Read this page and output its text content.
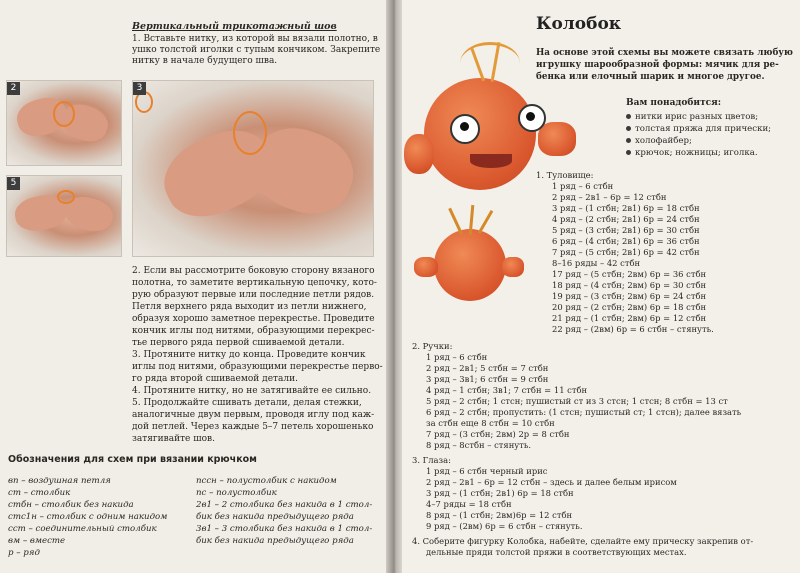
Вертикальный трикотажный шов
1. Вставьте нитку, из которой вы вязали полотно, в
ушко толстой иголки с тупым кончиком. Закрепите
нитку в начале будущего шва.
2
5
3
2. Если вы рассмотрите боковую сторону вязаного
полотна, то заметите вертикальную цепочку, кото-
рую образуют первые или последние петли рядов.
Петля верхнего ряда выходит из петли нижнего,
образуя хорошо заметное перекрестье. Проведите
кончик иглы под нитями, образующими перекрес-
тье первого ряда первой сшиваемой детали.
3. Протяните нитку до конца. Проведите кончик
иглы под нитями, образующими перекрестье перво-
го ряда второй сшиваемой детали.
4. Протяните нитку, но не затягивайте ее сильно.
5. Продолжайте сшивать детали, делая стежки,
аналогичные двум первым, проводя иглу под каж-
дой петлей. Через каждые 5–7 петель хорошенько
затягивайте шов.
Обозначения для схем при вязании крючком
вп – воздушная петля
ст – столбик
стбн – столбик без накида
стс1н – столбик с одним накидом
сст – соединительный столбик
вм – вместе
р – ряд
пссн – полустолбик с накидом
пс – полустолбик
2в1 – 2 столбика без накида в 1 стол-
бик без накида предыдущего ряда
3в1 – 3 столбика без накида в 1 стол-
бик без накида предыдущего ряда
Колобок
На основе этой схемы вы можете связать любую
игрушку шарообразной формы: мячик для ре-
бенка или елочный шарик и многое другое.
Вам понадобится:
нитки ирис разных цветов;
толстая пряжа для прически;
холофайбер;
крючок; ножницы; иголка.
1. Туловище:
1 ряд – 6 стбн
2 ряд – 2в1 – 6р = 12 стбн
3 ряд – (1 стбн; 2в1) 6р = 18 стбн
4 ряд – (2 стбн; 2в1) 6р = 24 стбн
5 ряд – (3 стбн; 2в1) 6р = 30 стбн
6 ряд – (4 стбн; 2в1) 6р = 36 стбн
7 ряд – (5 стбн; 2в1) 6р = 42 стбн
8–16 ряды – 42 стбн
17 ряд – (5 стбн; 2вм) 6р = 36 стбн
18 ряд – (4 стбн; 2вм) 6р = 30 стбн
19 ряд – (3 стбн; 2вм) 6р = 24 стбн
20 ряд – (2 стбн; 2вм) 6р = 18 стбн
21 ряд – (1 стбн; 2вм) 6р = 12 стбн
22 ряд – (2вм) 6р = 6 стбн – стянуть.
2. Ручки:
1 ряд – 6 стбн
2 ряд – 2в1; 5 стбн = 7 стбн
3 ряд – 3в1; 6 стбн = 9 стбн
4 ряд – 1 стбн; 3в1; 7 стбн = 11 стбн
5 ряд – 2 стбн; 1 стсн; пушистый ст из 3 стсн; 1 стсн; 8 стбн = 13 ст
6 ряд – 2 стбн; пропустить: (1 стсн; пушистый ст; 1 стсн); далее вязать
за стбн еще 8 стбн = 10 стбн
7 ряд – (3 стбн; 2вм) 2р = 8 стбн
8 ряд – 8стбн – стянуть.
3. Глаза:
1 ряд – 6 стбн черный ирис
2 ряд – 2в1 – 6р = 12 стбн – здесь и далее белым ирисом
3 ряд – (1 стбн; 2в1) 6р = 18 стбн
4–7 ряды = 18 стбн
8 ряд – (1 стбн; 2вм)6р = 12 стбн
9 ряд – (2вм) 6р = 6 стбн – стянуть.
4. Соберите фигурку Колобка, набейте, сделайте ему прическу закрепив от-
дельные пряди толстой пряжи в соответствующих местах.
